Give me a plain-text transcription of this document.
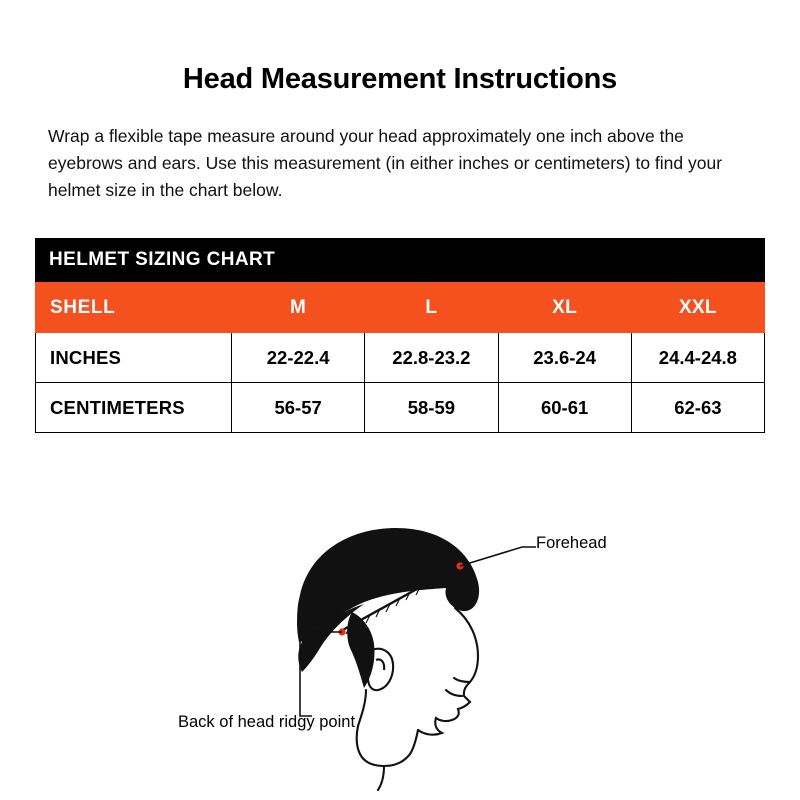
Head Measurement Instructions

Wrap a flexible tape measure around your head approximately one inch above the eyebrows and ears. Use this measurement (in either inches or centimeters) to find your helmet size in the chart below.

HELMET SIZING CHART
SHELL	M	L	XL	XXL
INCHES	22-22.4	22.8-23.2	23.6-24	24.4-24.8
CENTIMETERS	56-57	58-59	60-61	62-63
Forehead
Back of head ridgy point
